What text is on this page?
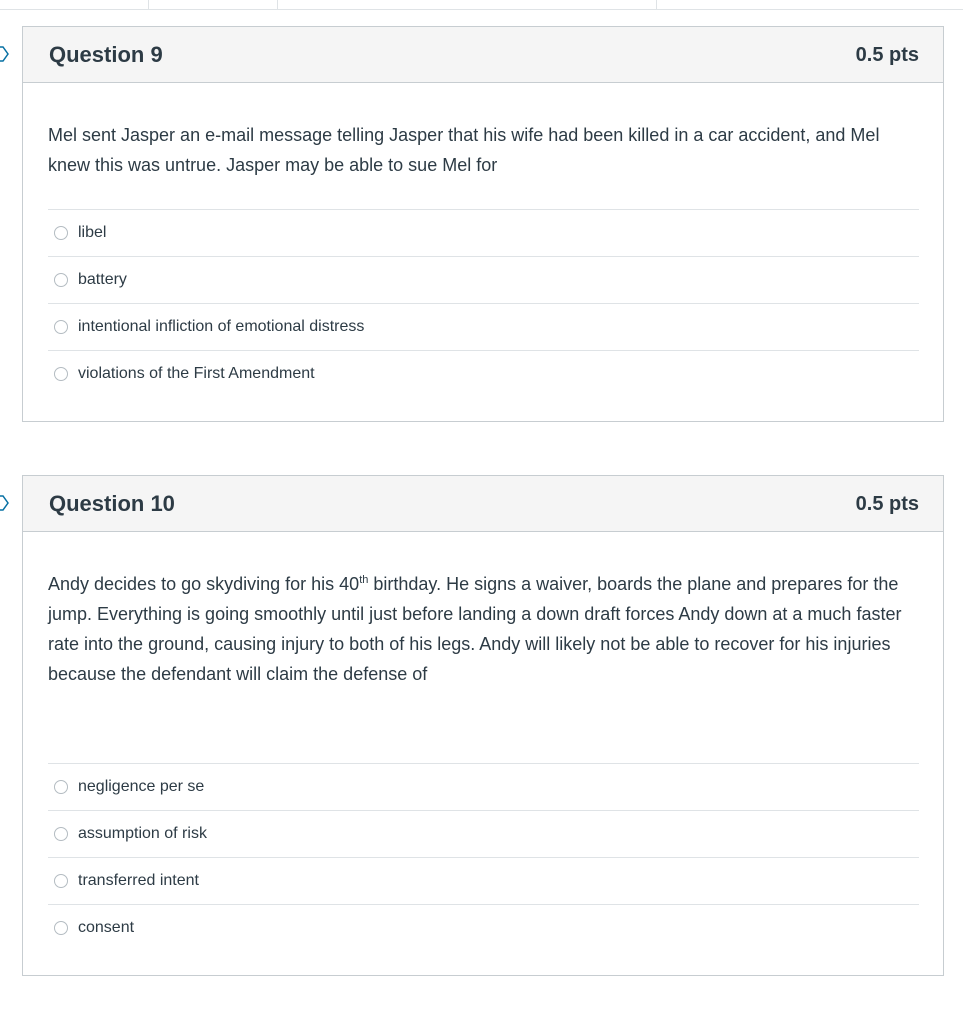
Question 9	0.5 pts

Mel sent Jasper an e-mail message telling Jasper that his wife had been killed in a car accident, and Mel knew this was untrue. Jasper may be able to sue Mel for

libel
battery
intentional infliction of emotional distress
violations of the First Amendment
Question 10	0.5 pts

Andy decides to go skydiving for his 40th birthday. He signs a waiver, boards the plane and prepares for the jump. Everything is going smoothly until just before landing a down draft forces Andy down at a much faster rate into the ground, causing injury to both of his legs. Andy will likely not be able to recover for his injuries because the defendant will claim the defense of

negligence per se
assumption of risk
transferred intent
consent
